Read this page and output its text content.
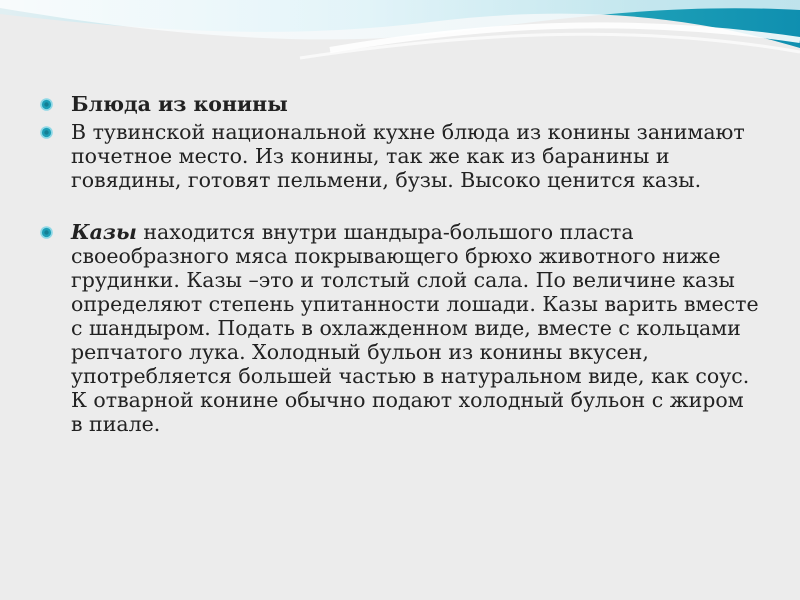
Блюда из конины
В тувинской национальной кухне блюда из конины занимают почетное место. Из конины, так же как из баранины и говядины, готовят пельмени, бузы. Высоко ценится казы.
Казы находится внутри шандыра-большого пласта своеобразного мяса покрывающего брюхо животного ниже грудинки. Казы –это и толстый слой сала. По величине казы определяют степень упитанности лошади. Казы варить вместе с шандыром. Подать в охлажденном виде, вместе с кольцами репчатого лука. Холодный бульон из конины вкусен, употребляется большей частью в натуральном виде, как соус. К отварной конине обычно подают холодный бульон с жиром в пиале.
